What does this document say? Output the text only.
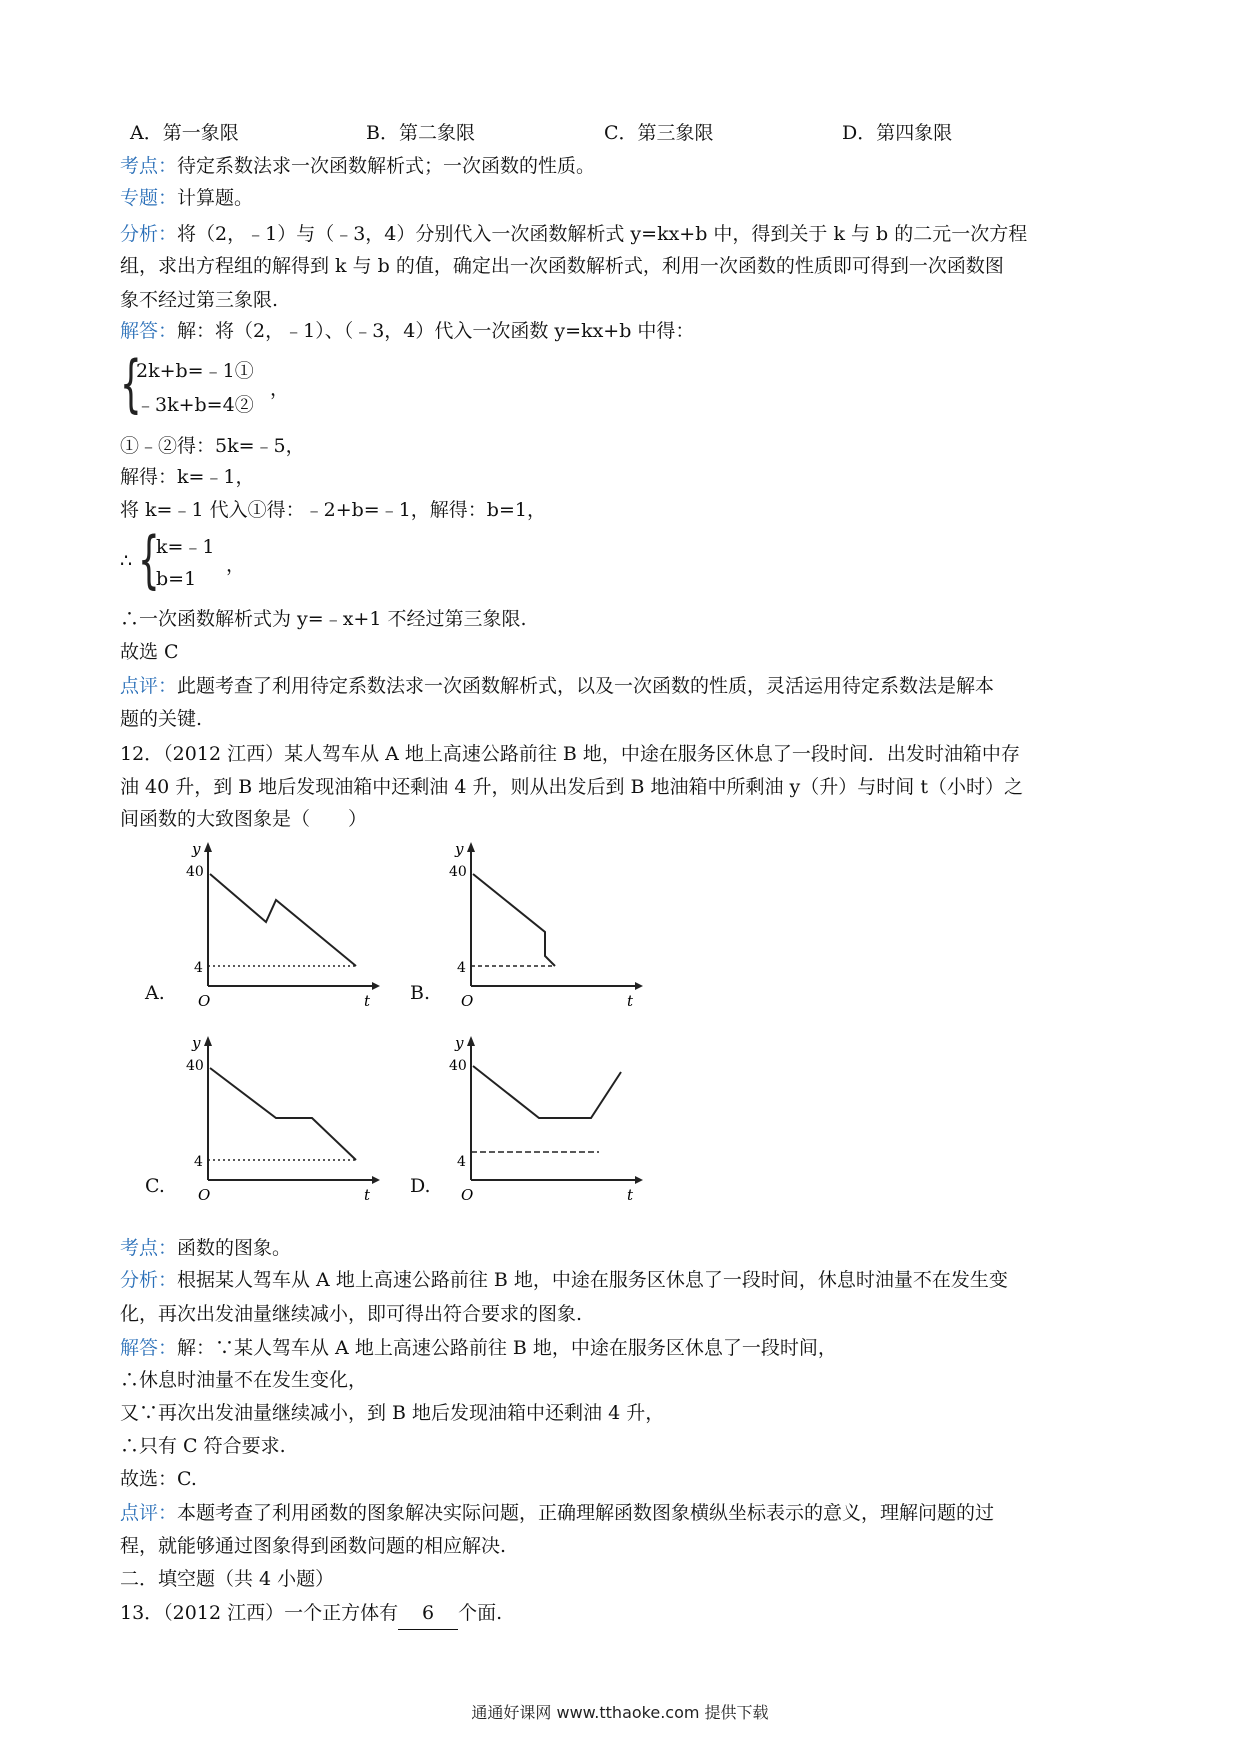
A．第一象限	B．第二象限	C．第三象限	D．第四象限
考点：待定系数法求一次函数解析式；一次函数的性质。
专题：计算题。
分析：将（2，﹣1）与（﹣3，4）分别代入一次函数解析式 y=kx+b 中，得到关于 k 与 b 的二元一次方程
组，求出方程组的解得到 k 与 b 的值，确定出一次函数解析式，利用一次函数的性质即可得到一次函数图
象不经过第三象限.
解答：解：将（2，﹣1）、（﹣3，4）代入一次函数 y=kx+b 中得：
{
2k+b=﹣1①
﹣3k+b=4②
，
①﹣②得：5k=﹣5，
解得：k=﹣1，
将 k=﹣1 代入①得：﹣2+b=﹣1，解得：b=1，
∴ {
k=﹣1
b=1
，
∴一次函数解析式为 y=﹣x+1 不经过第三象限.
故选 C
点评：此题考查了利用待定系数法求一次函数解析式，以及一次函数的性质，灵活运用待定系数法是解本
题的关键.
12．（2012 江西）某人驾车从 A 地上高速公路前往 B 地，中途在服务区休息了一段时间．出发时油箱中存
油 40 升，到 B 地后发现油箱中还剩油 4 升，则从出发后到 B 地油箱中所剩油 y（升）与时间 t（小时）之
间函数的大致图象是（　　）
A.
y
t
O
40
4
B.
y
t
O
40
4
C.
y
t
O
40
4
D.
y
t
O
40
4
考点：函数的图象。
分析：根据某人驾车从 A 地上高速公路前往 B 地，中途在服务区休息了一段时间，休息时油量不在发生变
化，再次出发油量继续减小，即可得出符合要求的图象.
解答：解：∵某人驾车从 A 地上高速公路前往 B 地，中途在服务区休息了一段时间，
∴休息时油量不在发生变化，
又∵再次出发油量继续减小，到 B 地后发现油箱中还剩油 4 升，
∴只有 C 符合要求.
故选：C.
点评：本题考查了利用函数的图象解决实际问题，正确理解函数图象横纵坐标表示的意义，理解问题的过
程，就能够通过图象得到函数问题的相应解决.
二．填空题（共 4 小题）
13．（2012 江西）一个正方体有 6 个面.
通通好课网 www.tthaoke.com 提供下载
